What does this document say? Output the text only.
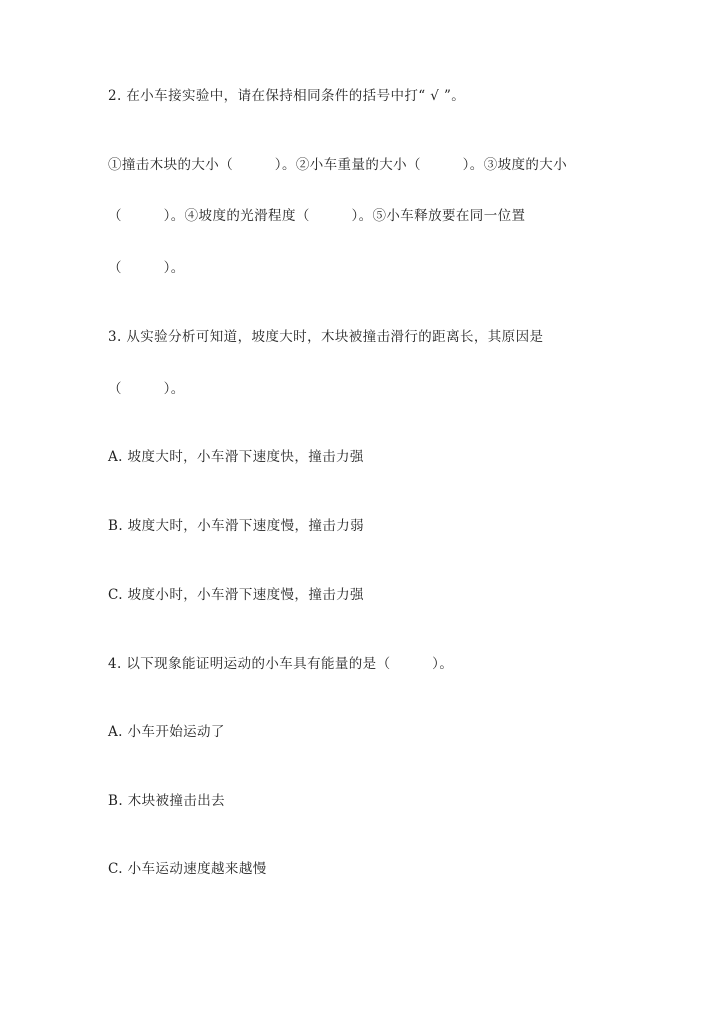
2. 在小车接实验中，请在保持相同条件的括号中打“ √ ”。
①撞击木块的大小（　　　）。②小车重量的大小（　　　）。③坡度的大小
（　　　）。④坡度的光滑程度（　　　）。⑤小车释放要在同一位置
（　　　）。
3. 从实验分析可知道，坡度大时，木块被撞击滑行的距离长，其原因是
（　　　）。
A. 坡度大时，小车滑下速度快，撞击力强
B. 坡度大时，小车滑下速度慢，撞击力弱
C. 坡度小时，小车滑下速度慢，撞击力强
4. 以下现象能证明运动的小车具有能量的是（　　　）。
A. 小车开始运动了
B. 木块被撞击出去
C. 小车运动速度越来越慢
